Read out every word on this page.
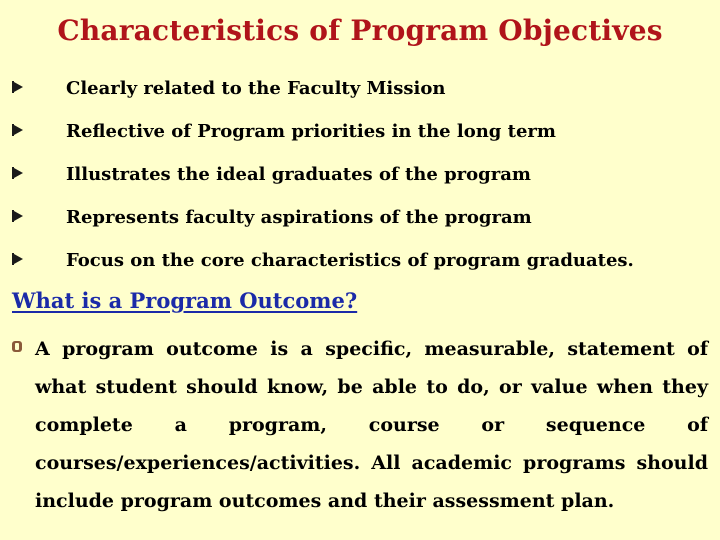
Characteristics of Program Objectives
Clearly related to the Faculty Mission
Reflective of Program priorities in the long term
Illustrates the ideal graduates of the program
Represents faculty aspirations of the program
Focus on the core characteristics of program graduates.
What is a Program Outcome?
A program outcome is a specific, measurable, statement of
what student should know, be able to do, or value when they
complete a program, course or sequence of
courses/experiences/activities. All academic programs should
include program outcomes and their assessment plan.
